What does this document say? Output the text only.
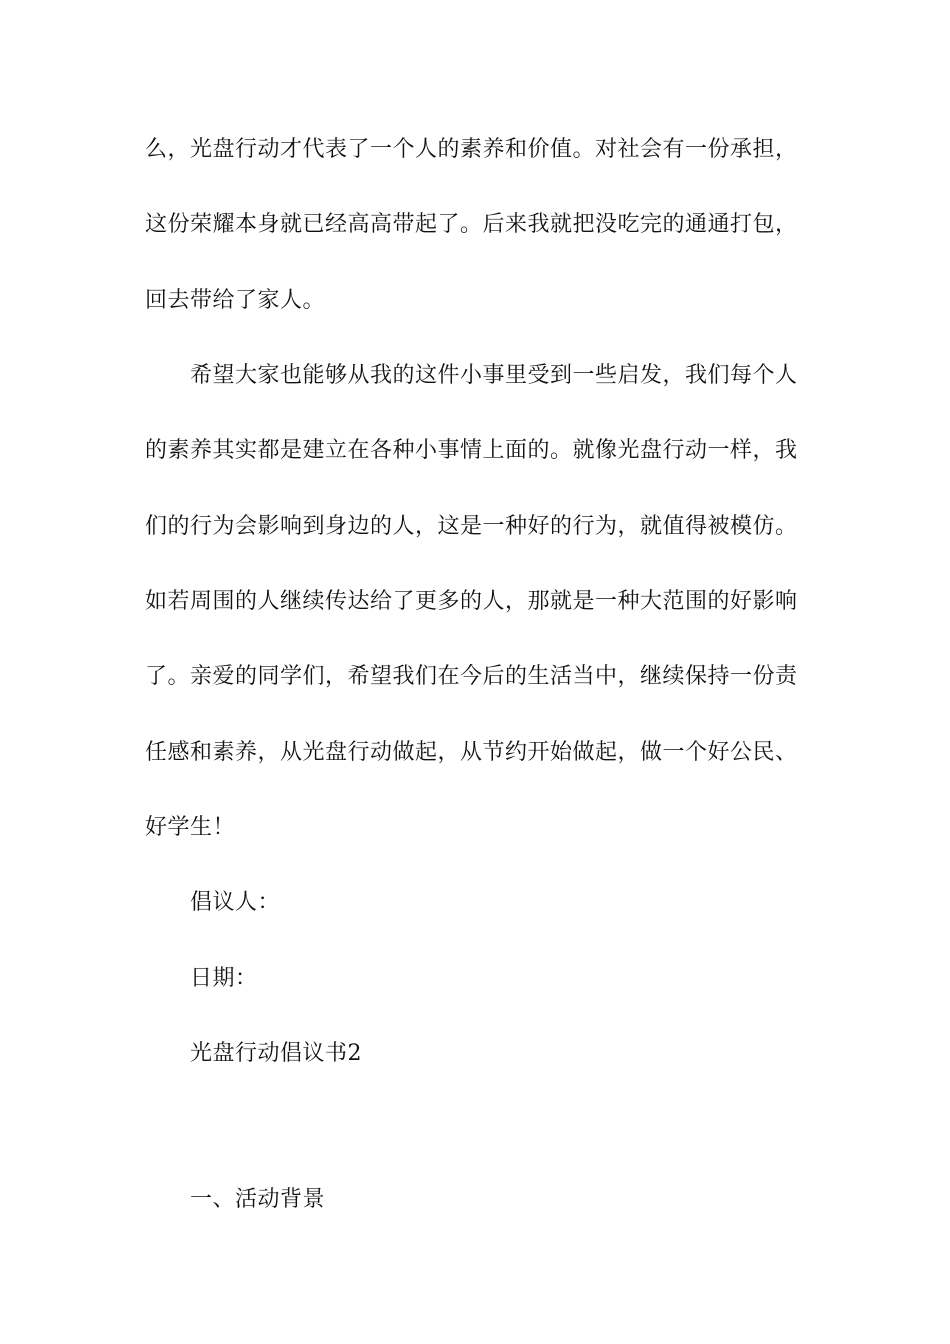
么，光盘行动才代表了一个人的素养和价值。对社会有一份承担，
这份荣耀本身就已经高高带起了。后来我就把没吃完的通通打包，
回去带给了家人。
希望大家也能够从我的这件小事里受到一些启发，我们每个人
的素养其实都是建立在各种小事情上面的。就像光盘行动一样，我
们的行为会影响到身边的人，这是一种好的行为，就值得被模仿。
如若周围的人继续传达给了更多的人，那就是一种大范围的好影响
了。亲爱的同学们，希望我们在今后的生活当中，继续保持一份责
任感和素养，从光盘行动做起，从节约开始做起，做一个好公民、
好学生！
倡议人：
日期：
光盘行动倡议书2
一、活动背景
